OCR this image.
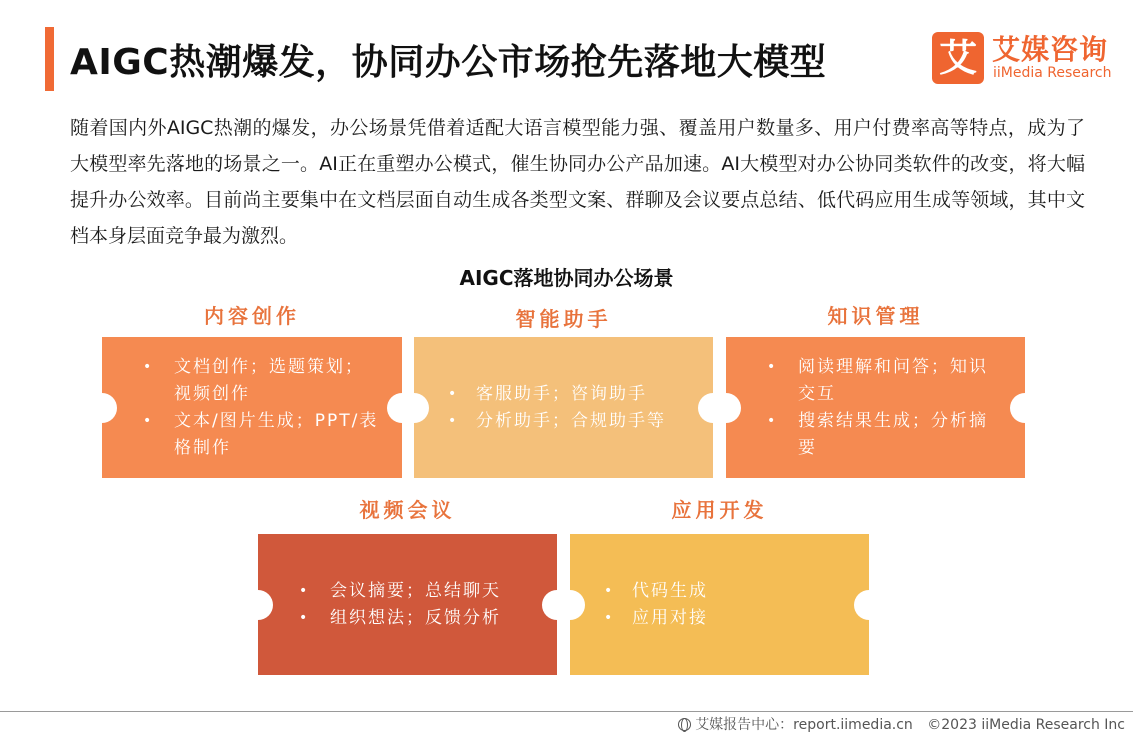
AIGC热潮爆发，协同办公市场抢先落地大模型	艾 艾媒咨询
iiMedia Research
随着国内外AIGC热潮的爆发，办公场景凭借着适配大语言模型能力强、覆盖用户数量多、用户付费率高等特点，成为了大模型率先落地的场景之一。AI正在重塑办公模式，催生协同办公产品加速。AI大模型对办公协同类软件的改变，将大幅提升办公效率。目前尚主要集中在文档层面自动生成各类型文案、群聊及会议要点总结、低代码应用生成等领域，其中文档本身层面竞争最为激烈。
AIGC落地协同办公场景
内容创作
• 文档创作；选题策划；视频创作
• 文本/图片生成；PPT/表格制作
智能助手
• 客服助手；咨询助手
• 分析助手；合规助手等
知识管理
• 阅读理解和问答；知识交互
• 搜索结果生成；分析摘要
视频会议
• 会议摘要；总结聊天
• 组织想法；反馈分析
应用开发
• 代码生成
• 应用对接
艾媒报告中心：report.iimedia.cn ©2023 iiMedia Research Inc
